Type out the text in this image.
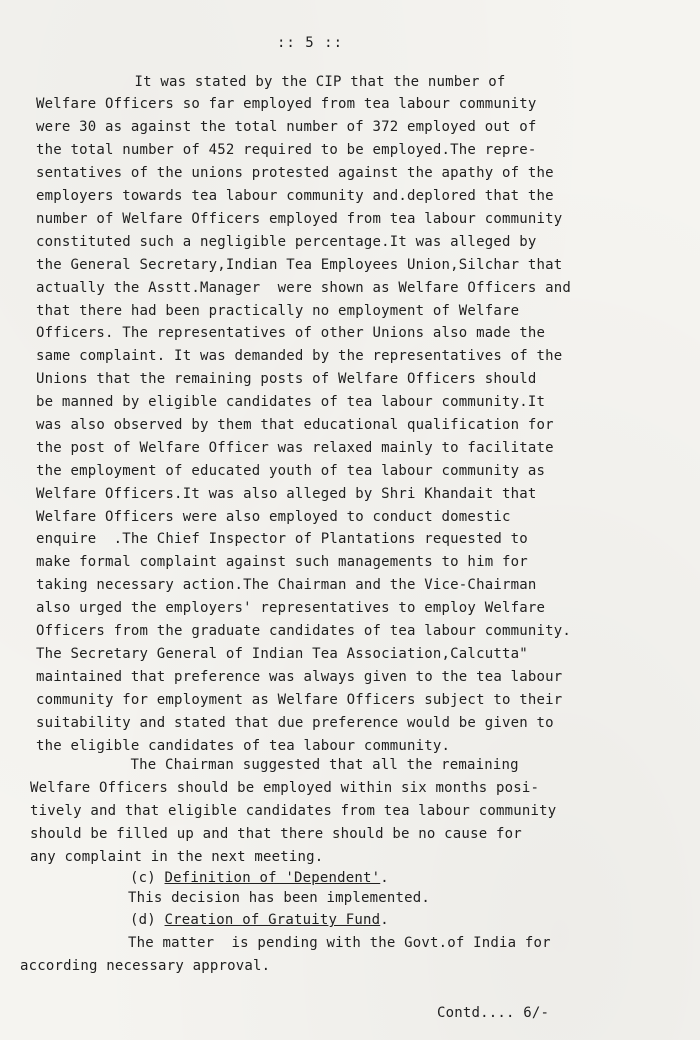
:: 5 ::
It was stated by the CIP that the number of
Welfare Officers so far employed from tea labour community
were 30 as against the total number of 372 employed out of
the total number of 452 required to be employed.The repre-
sentatives of the unions protested against the apathy of the
employers towards tea labour community and.deplored that the
number of Welfare Officers employed from tea labour community
constituted such a negligible percentage.It was alleged by
the General Secretary,Indian Tea Employees Union,Silchar that
actually the Asstt.Manager  were shown as Welfare Officers and
that there had been practically no employment of Welfare
Officers. The representatives of other Unions also made the
same complaint. It was demanded by the representatives of the
Unions that the remaining posts of Welfare Officers should
be manned by eligible candidates of tea labour community.It
was also observed by them that educational qualification for
the post of Welfare Officer was relaxed mainly to facilitate
the employment of educated youth of tea labour community as
Welfare Officers.It was also alleged by Shri Khandait that
Welfare Officers were also employed to conduct domestic
enquire  .The Chief Inspector of Plantations requested to
make formal complaint against such managements to him for
taking necessary action.The Chairman and the Vice-Chairman
also urged the employers' representatives to employ Welfare
Officers from the graduate candidates of tea labour community.
The Secretary General of Indian Tea Association,Calcutta"
maintained that preference was always given to the tea labour
community for employment as Welfare Officers subject to their
suitability and stated that due preference would be given to
the eligible candidates of tea labour community.
The Chairman suggested that all the remaining
Welfare Officers should be employed within six months posi-
tively and that eligible candidates from tea labour community
should be filled up and that there should be no cause for
any complaint in the next meeting.
(c) Definition of 'Dependent'.
This decision has been implemented.
(d) Creation of Gratuity Fund.
The matter  is pending with the Govt.of India for
according necessary approval.
Contd.... 6/-
